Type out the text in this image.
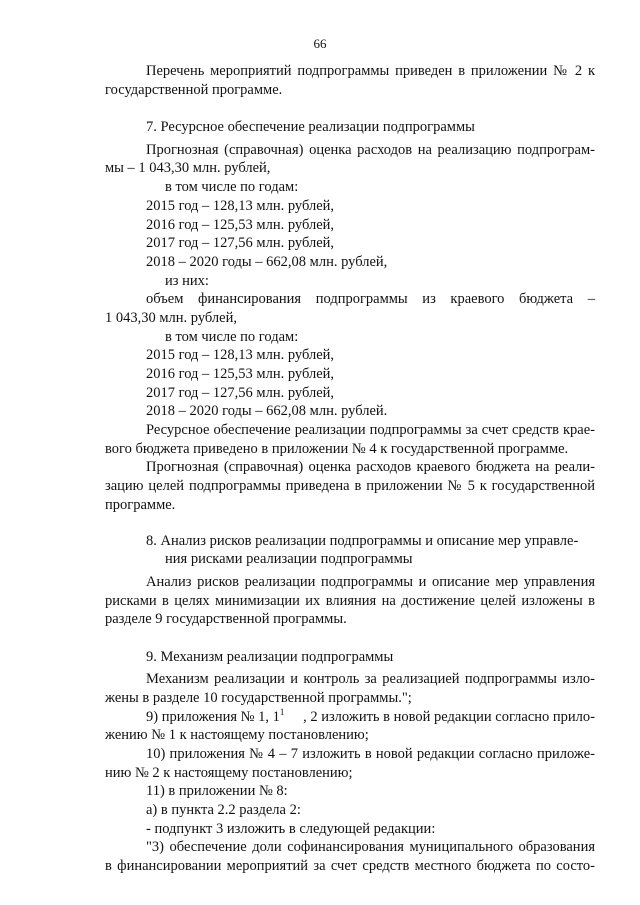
66
Перечень мероприятий подпрограммы приведен в приложении № 2 к
государственной программе.
7. Ресурсное обеспечение реализации подпрограммы
Прогнозная (справочная) оценка расходов на реализацию подпрограм-
мы – 1 043,30 млн. рублей,
в том числе по годам:
2015 год – 128,13 млн. рублей,
2016 год – 125,53 млн. рублей,
2017 год – 127,56 млн. рублей,
2018 – 2020 годы – 662,08 млн. рублей,
из них:
объем финансирования подпрограммы из краевого бюджета –
1 043,30 млн. рублей,
в том числе по годам:
2015 год – 128,13 млн. рублей,
2016 год – 125,53 млн. рублей,
2017 год – 127,56 млн. рублей,
2018 – 2020 годы – 662,08 млн. рублей.
Ресурсное обеспечение реализации подпрограммы за счет средств крае-
вого бюджета приведено в приложении № 4 к государственной программе.
Прогнозная (справочная) оценка расходов краевого бюджета на реали-
зацию целей подпрограммы приведена в приложении № 5 к государственной
программе.
8. Анализ рисков реализации подпрограммы и описание мер управле-
ния рисками реализации подпрограммы
Анализ рисков реализации подпрограммы и описание мер управления
рисками в целях минимизации их влияния на достижение целей изложены в
разделе 9 государственной программы.
9. Механизм реализации подпрограммы
Механизм реализации и контроль за реализацией подпрограммы изло-
жены в разделе 10 государственной программы.";
9) приложения № 1, $1^1$ , 2 изложить в новой редакции согласно прило-
жению № 1 к настоящему постановлению;
10) приложения № 4 – 7 изложить в новой редакции согласно приложе-
нию № 2 к настоящему постановлению;
11) в приложении № 8:
а) в пункта 2.2 раздела 2:
- подпункт 3 изложить в следующей редакции:
"3) обеспечение доли софинансирования муниципального образования
в финансировании мероприятий за счет средств местного бюджета по состо-
